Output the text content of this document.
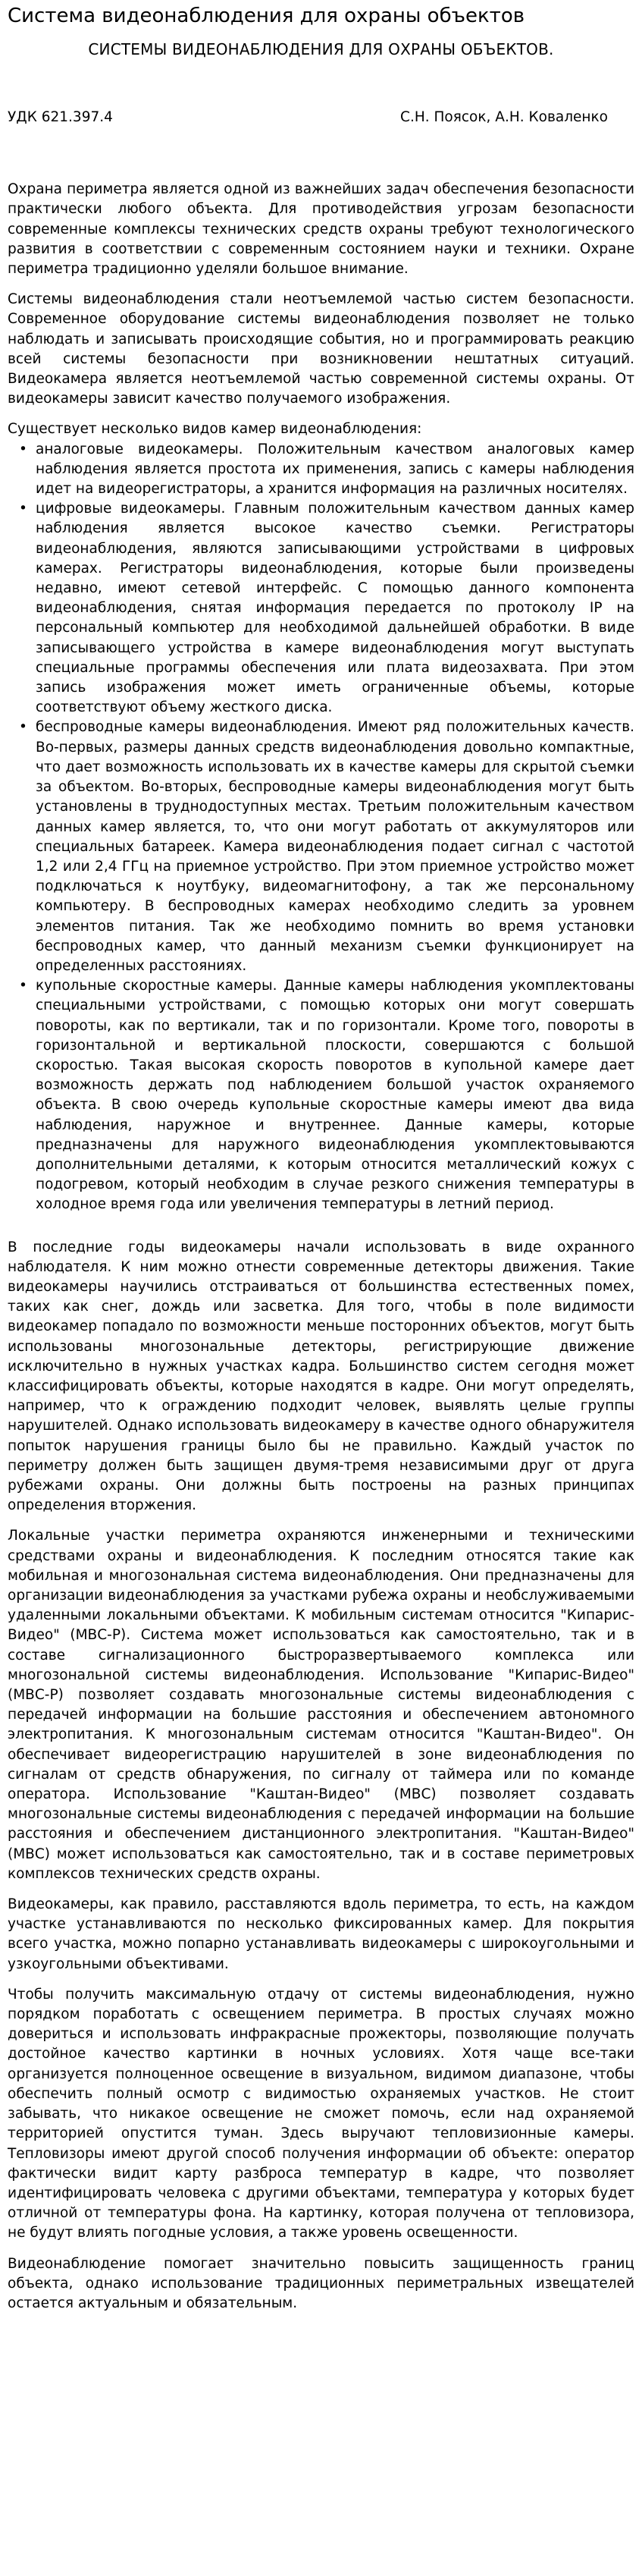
Система видеонаблюдения для охраны объектов
СИСТЕМЫ ВИДЕОНАБЛЮДЕНИЯ ДЛЯ ОХРАНЫ ОБЪЕКТОВ.
УДК 621.397.4	С.Н. Поясок, А.Н. Коваленко

Охрана периметра является одной из важнейших задач обеспечения безопасности практически любого объекта. Для противодействия угрозам безопасности современные комплексы технических средств охраны требуют технологического развития в соответствии с современным состоянием науки и техники. Охране периметра традиционно уделяли большое внимание.

Системы видеонаблюдения стали неотъемлемой частью систем безопасности. Современное оборудование системы видеонаблюдения позволяет не только наблюдать и записывать происходящие события, но и программировать реакцию всей системы безопасности при возникновении нештатных ситуаций. Видеокамера является неотъемлемой частью современной системы охраны. От видеокамеры зависит качество получаемого изображения.

Существует несколько видов камер видеонаблюдения:

• аналоговые видеокамеры. Положительным качеством аналоговых камер наблюдения является простота их применения, запись с камеры наблюдения идет на видеорегистраторы, а хранится информация на различных носителях.
• цифровые видеокамеры. Главным положительным качеством данных камер наблюдения является высокое качество съемки. Регистраторы видеонаблюдения, являются записывающими устройствами в цифровых камерах. Регистраторы видеонаблюдения, которые были произведены недавно, имеют сетевой интерфейс. С помощью данного компонента видеонаблюдения, снятая информация передается по протоколу IP на персональный компьютер для необходимой дальнейшей обработки. В виде записывающего устройства в камере видеонаблюдения могут выступать специальные программы обеспечения или плата видеозахвата. При этом запись изображения может иметь ограниченные объемы, которые соответствуют объему жесткого диска.
• беспроводные камеры видеонаблюдения. Имеют ряд положительных качеств. Во-первых, размеры данных средств видеонаблюдения довольно компактные, что дает возможность использовать их в качестве камеры для скрытой съемки за объектом. Во-вторых, беспроводные камеры видеонаблюдения могут быть установлены в труднодоступных местах. Третьим положительным качеством данных камер является, то, что они могут работать от аккумуляторов или специальных батареек. Камера видеонаблюдения подает сигнал с частотой 1,2 или 2,4 ГГц на приемное устройство. При этом приемное устройство может подключаться к ноутбуку, видеомагнитофону, а так же персональному компьютеру. В беспроводных камерах необходимо следить за уровнем элементов питания. Так же необходимо помнить во время установки беспроводных камер, что данный механизм съемки функционирует на определенных расстояниях.
• купольные скоростные камеры. Данные камеры наблюдения укомплектованы специальными устройствами, с помощью которых они могут совершать повороты, как по вертикали, так и по горизонтали. Кроме того, повороты в горизонтальной и вертикальной плоскости, совершаются с большой скоростью. Такая высокая скорость поворотов в купольной камере дает возможность держать под наблюдением большой участок охраняемого объекта. В свою очередь купольные скоростные камеры имеют два вида наблюдения, наружное и внутреннее. Данные камеры, которые предназначены для наружного видеонаблюдения укомплектовываются дополнительными деталями, к которым относится металлический кожух с подогревом, который необходим в случае резкого снижения температуры в холодное время года или увеличения температуры в летний период.

В последние годы видеокамеры начали использовать в виде охранного наблюдателя. К ним можно отнести современные детекторы движения. Такие видеокамеры научились отстраиваться от большинства естественных помех, таких как снег, дождь или засветка. Для того, чтобы в поле видимости видеокамер попадало по возможности меньше посторонних объектов, могут быть использованы многозональные детекторы, регистрирующие движение исключительно в нужных участках кадра. Большинство систем сегодня может классифицировать объекты, которые находятся в кадре. Они могут определять, например, что к ограждению подходит человек, выявлять целые группы нарушителей. Однако использовать видеокамеру в качестве одного обнаружителя попыток нарушения границы было бы не правильно. Каждый участок по периметру должен быть защищен двумя-тремя независимыми друг от друга рубежами охраны. Они должны быть построены на разных принципах определения вторжения.

Локальные участки периметра охраняются инженерными и техническими средствами охраны и видеонаблюдения. К последним относятся такие как мобильная и многозональная система видеонаблюдения. Они предназначены для организации видеонаблюдения за участками рубежа охраны и необслуживаемыми удаленными локальными объектами. К мобильным системам относится "Кипарис-Видео" (МВС-Р). Система может использоваться как самостоятельно, так и в составе сигнализационного быстроразвертываемого комплекса или многозональной системы видеонаблюдения. Использование "Кипарис-Видео" (МВС-Р) позволяет создавать многозональные системы видеонаблюдения с передачей информации на большие расстояния и обеспечением автономного электропитания. К многозональным системам относится "Каштан-Видео". Он обеспечивает видеорегистрацию нарушителей в зоне видеонаблюдения по сигналам от средств обнаружения, по сигналу от таймера или по команде оператора. Использование "Каштан-Видео" (МВС) позволяет создавать многозональные системы видеонаблюдения с передачей информации на большие расстояния и обеспечением дистанционного электропитания. "Каштан-Видео" (МВС) может использоваться как самостоятельно, так и в составе периметровых комплексов технических средств охраны.

Видеокамеры, как правило, расставляются вдоль периметра, то есть, на каждом участке устанавливаются по несколько фиксированных камер. Для покрытия всего участка, можно попарно устанавливать видеокамеры с широкоугольными и узкоугольными объективами.

Чтобы получить максимальную отдачу от системы видеонаблюдения, нужно порядком поработать с освещением периметра. В простых случаях можно довериться и использовать инфракрасные прожекторы, позволяющие получать достойное качество картинки в ночных условиях. Хотя чаще все-таки организуется полноценное освещение в визуальном, видимом диапазоне, чтобы обеспечить полный осмотр с видимостью охраняемых участков. Не стоит забывать, что никакое освещение не сможет помочь, если над охраняемой территорией опустится туман. Здесь выручают тепловизионные камеры. Тепловизоры имеют другой способ получения информации об объекте: оператор фактически видит карту разброса температур в кадре, что позволяет идентифицировать человека с другими объектами, температура у которых будет отличной от температуры фона. На картинку, которая получена от тепловизора, не будут влиять погодные условия, а также уровень освещенности.

Видеонаблюдение помогает значительно повысить защищенность границ объекта, однако использование традиционных периметральных извещателей остается актуальным и обязательным.
